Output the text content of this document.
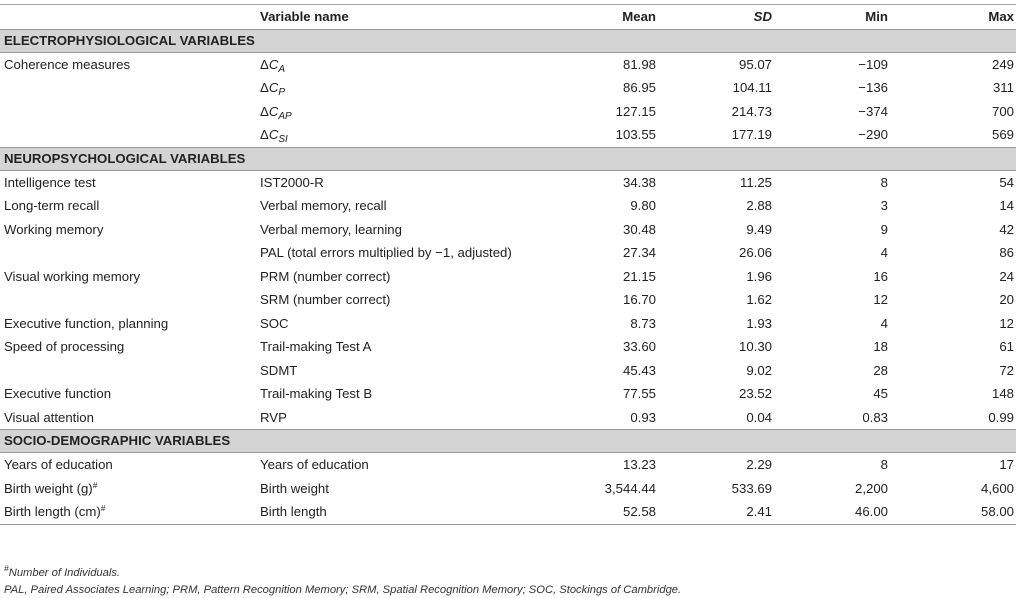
	Variable name	Mean	SD	Min	Max
ELECTROPHYSIOLOGICAL VARIABLES					
Coherence measures	$\Delta C_A$	81.98	95.07	−109	249
	$\Delta C_P$	86.95	104.11	−136	311
	$\Delta C_{AP}$	127.15	214.73	−374	700
	$\Delta C_{SI}$	103.55	177.19	−290	569
NEUROPSYCHOLOGICAL VARIABLES					
Intelligence test	IST2000-R	34.38	11.25	8	54
Long-term recall	Verbal memory, recall	9.80	2.88	3	14
Working memory	Verbal memory, learning	30.48	9.49	9	42
	PAL (total errors multiplied by −1, adjusted)	27.34	26.06	4	86
Visual working memory	PRM (number correct)	21.15	1.96	16	24
	SRM (number correct)	16.70	1.62	12	20
Executive function, planning	SOC	8.73	1.93	4	12
Speed of processing	Trail-making Test A	33.60	10.30	18	61
	SDMT	45.43	9.02	28	72
Executive function	Trail-making Test B	77.55	23.52	45	148
Visual attention	RVP	0.93	0.04	0.83	0.99
SOCIO-DEMOGRAPHIC VARIABLES					
Years of education	Years of education	13.23	2.29	8	17
Birth weight (g)#	Birth weight	3,544.44	533.69	2,200	4,600
Birth length (cm)#	Birth length	52.58	2.41	46.00	58.00
#Number of Individuals.
PAL, Paired Associates Learning; PRM, Pattern Recognition Memory; SRM, Spatial Recognition Memory; SOC, Stockings of Cambridge.
